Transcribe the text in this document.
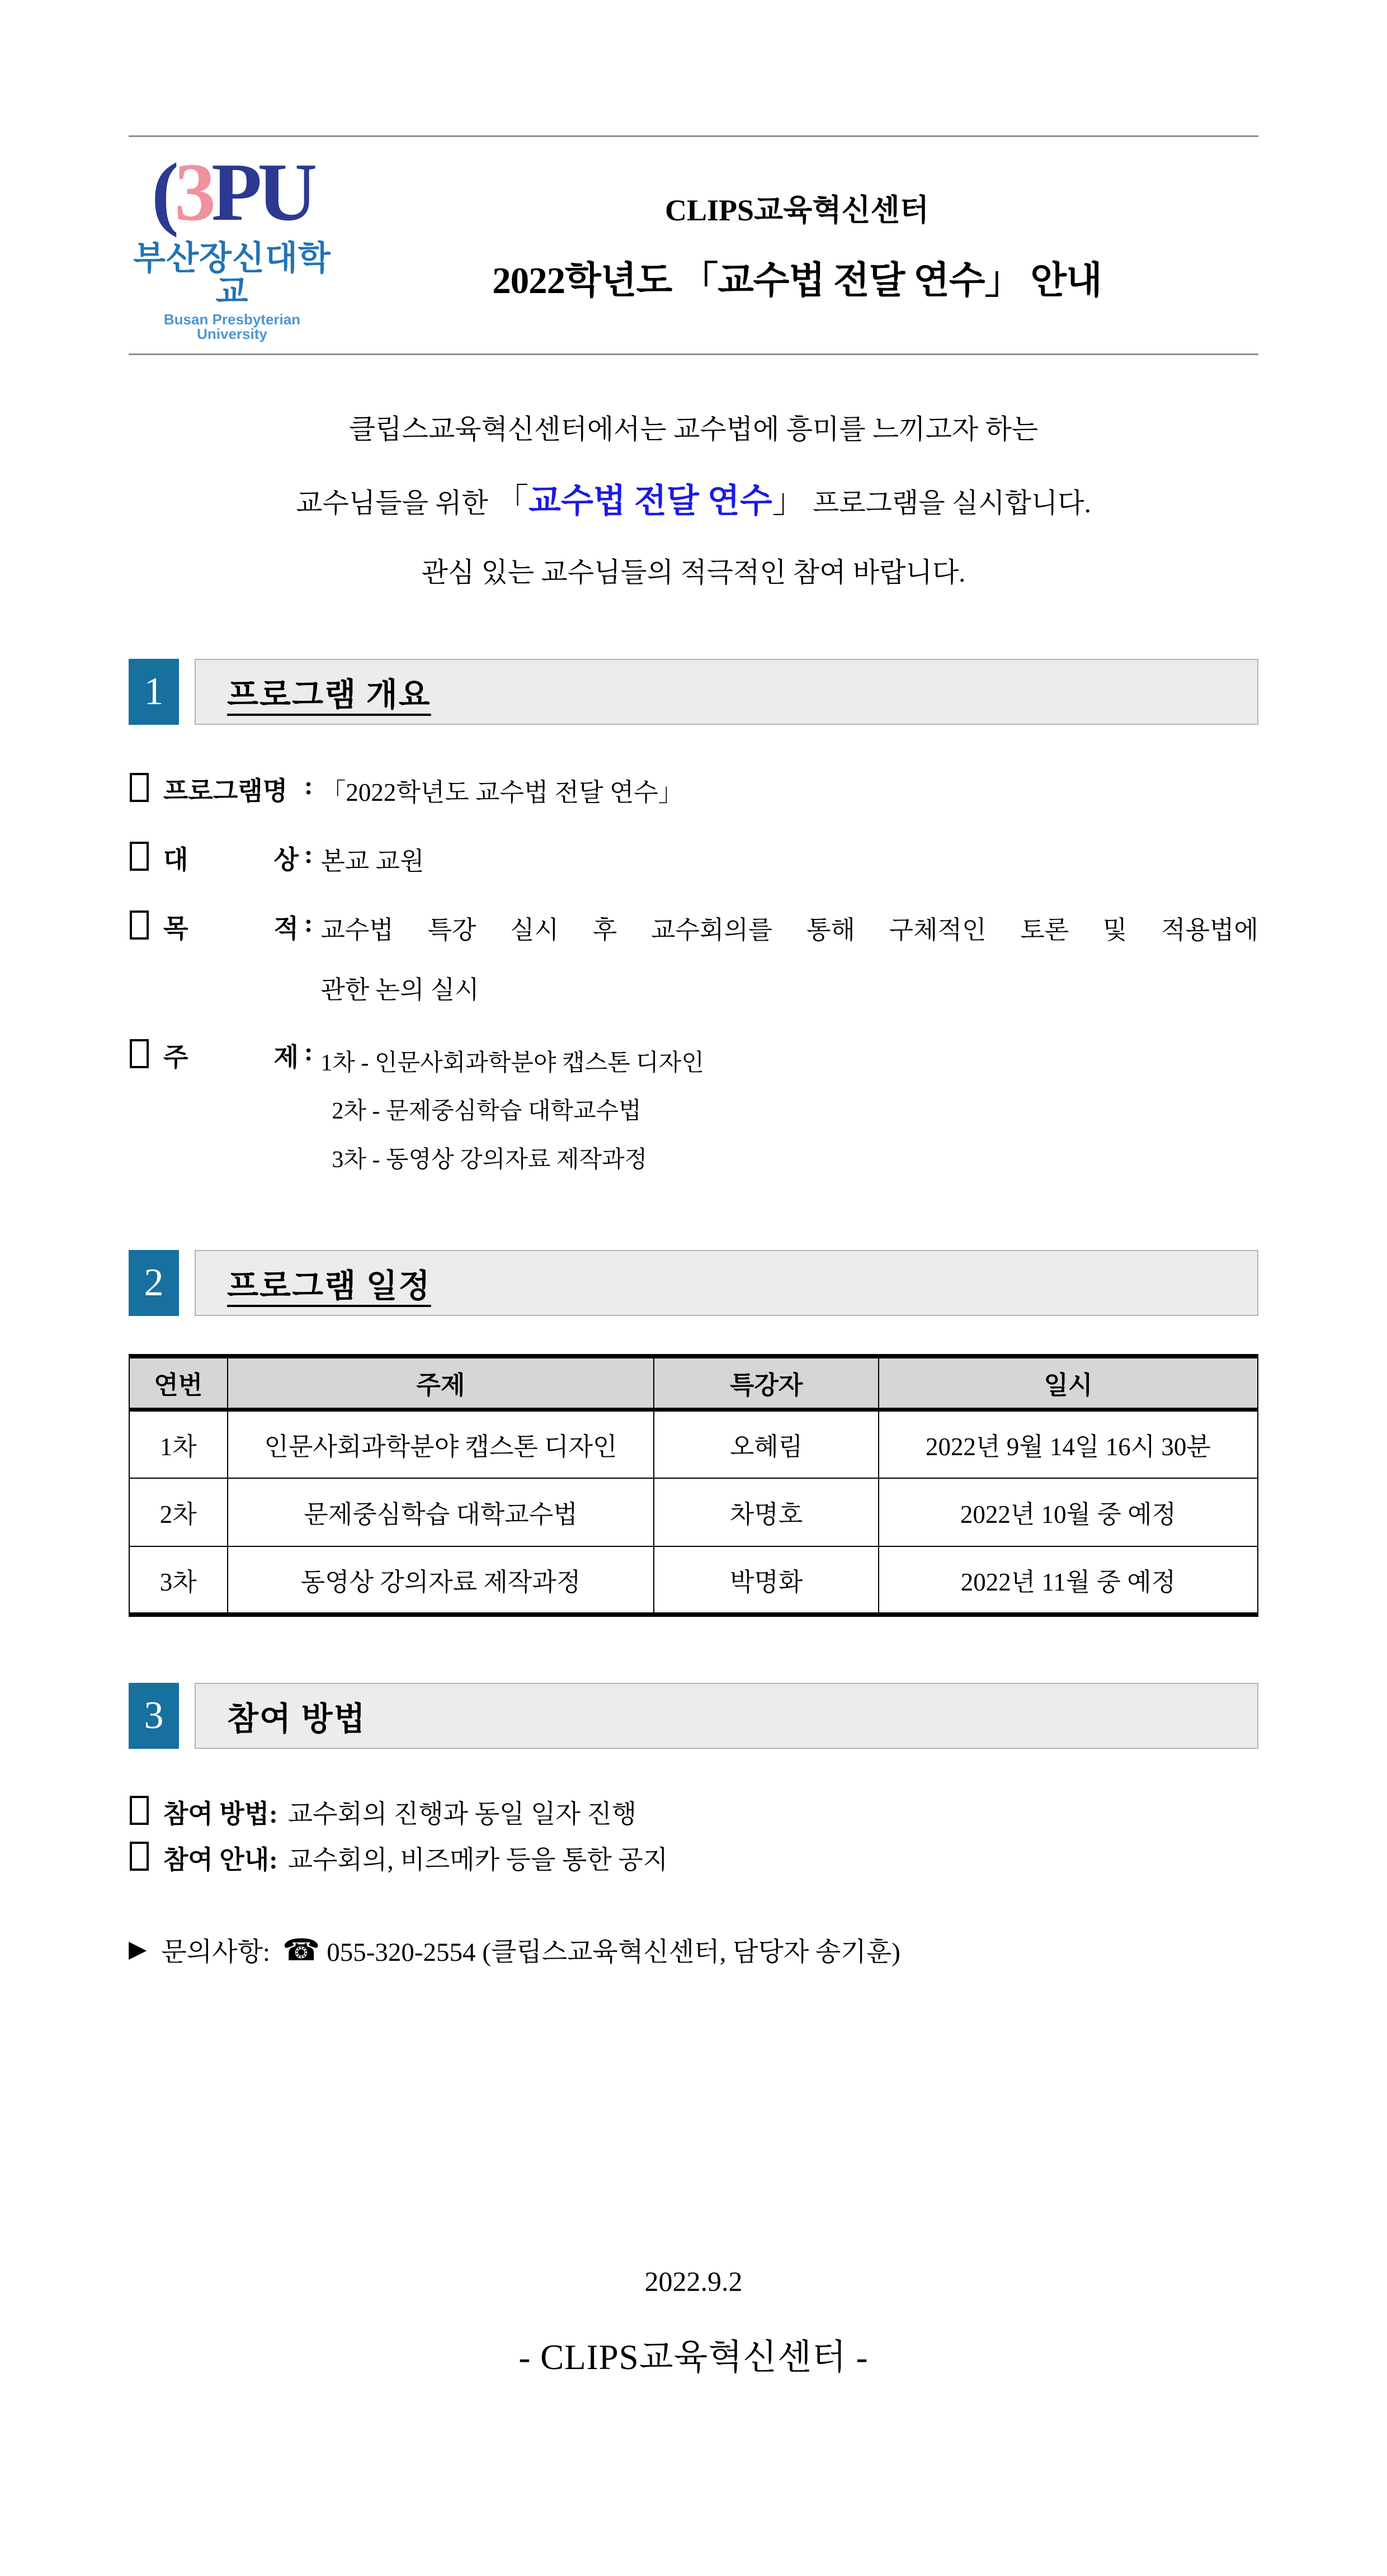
(3PU
부산장신대학교
Busan Presbyterian University
CLIPS교육혁신센터
2022학년도 「교수법 전달 연수」 안내
클립스교육혁신센터에서는 교수법에 흥미를 느끼고자 하는
교수님들을 위한 「교수법 전달 연수」 프로그램을 실시합니다.
관심 있는 교수님들의 적극적인 참여 바랍니다.
1	프로그램 개요
프로그램명 : 「2022학년도 교수법 전달 연수」
대 상 : 본교 교원
목 적 : 교수법 특강 실시 후 교수회의를 통해 구체적인 토론 및 적용법에
관한 논의 실시
주 제 : 1차 - 인문사회과학분야 캡스톤 디자인
2차 - 문제중심학습 대학교수법
3차 - 동영상 강의자료 제작과정
2	프로그램 일정
연번	주제	특강자	일시
1차	인문사회과학분야 캡스톤 디자인	오혜림	2022년 9월 14일 16시 30분
2차	문제중심학습 대학교수법	차명호	2022년 10월 중 예정
3차	동영상 강의자료 제작과정	박명화	2022년 11월 중 예정
3	참여 방법
참여 방법: 교수회의 진행과 동일 일자 진행
참여 안내: 교수회의, 비즈메카 등을 통한 공지
▶ 문의사항: ☎ 055-320-2554 (클립스교육혁신센터, 담당자 송기훈)
2022.9.2
- CLIPS교육혁신센터 -
